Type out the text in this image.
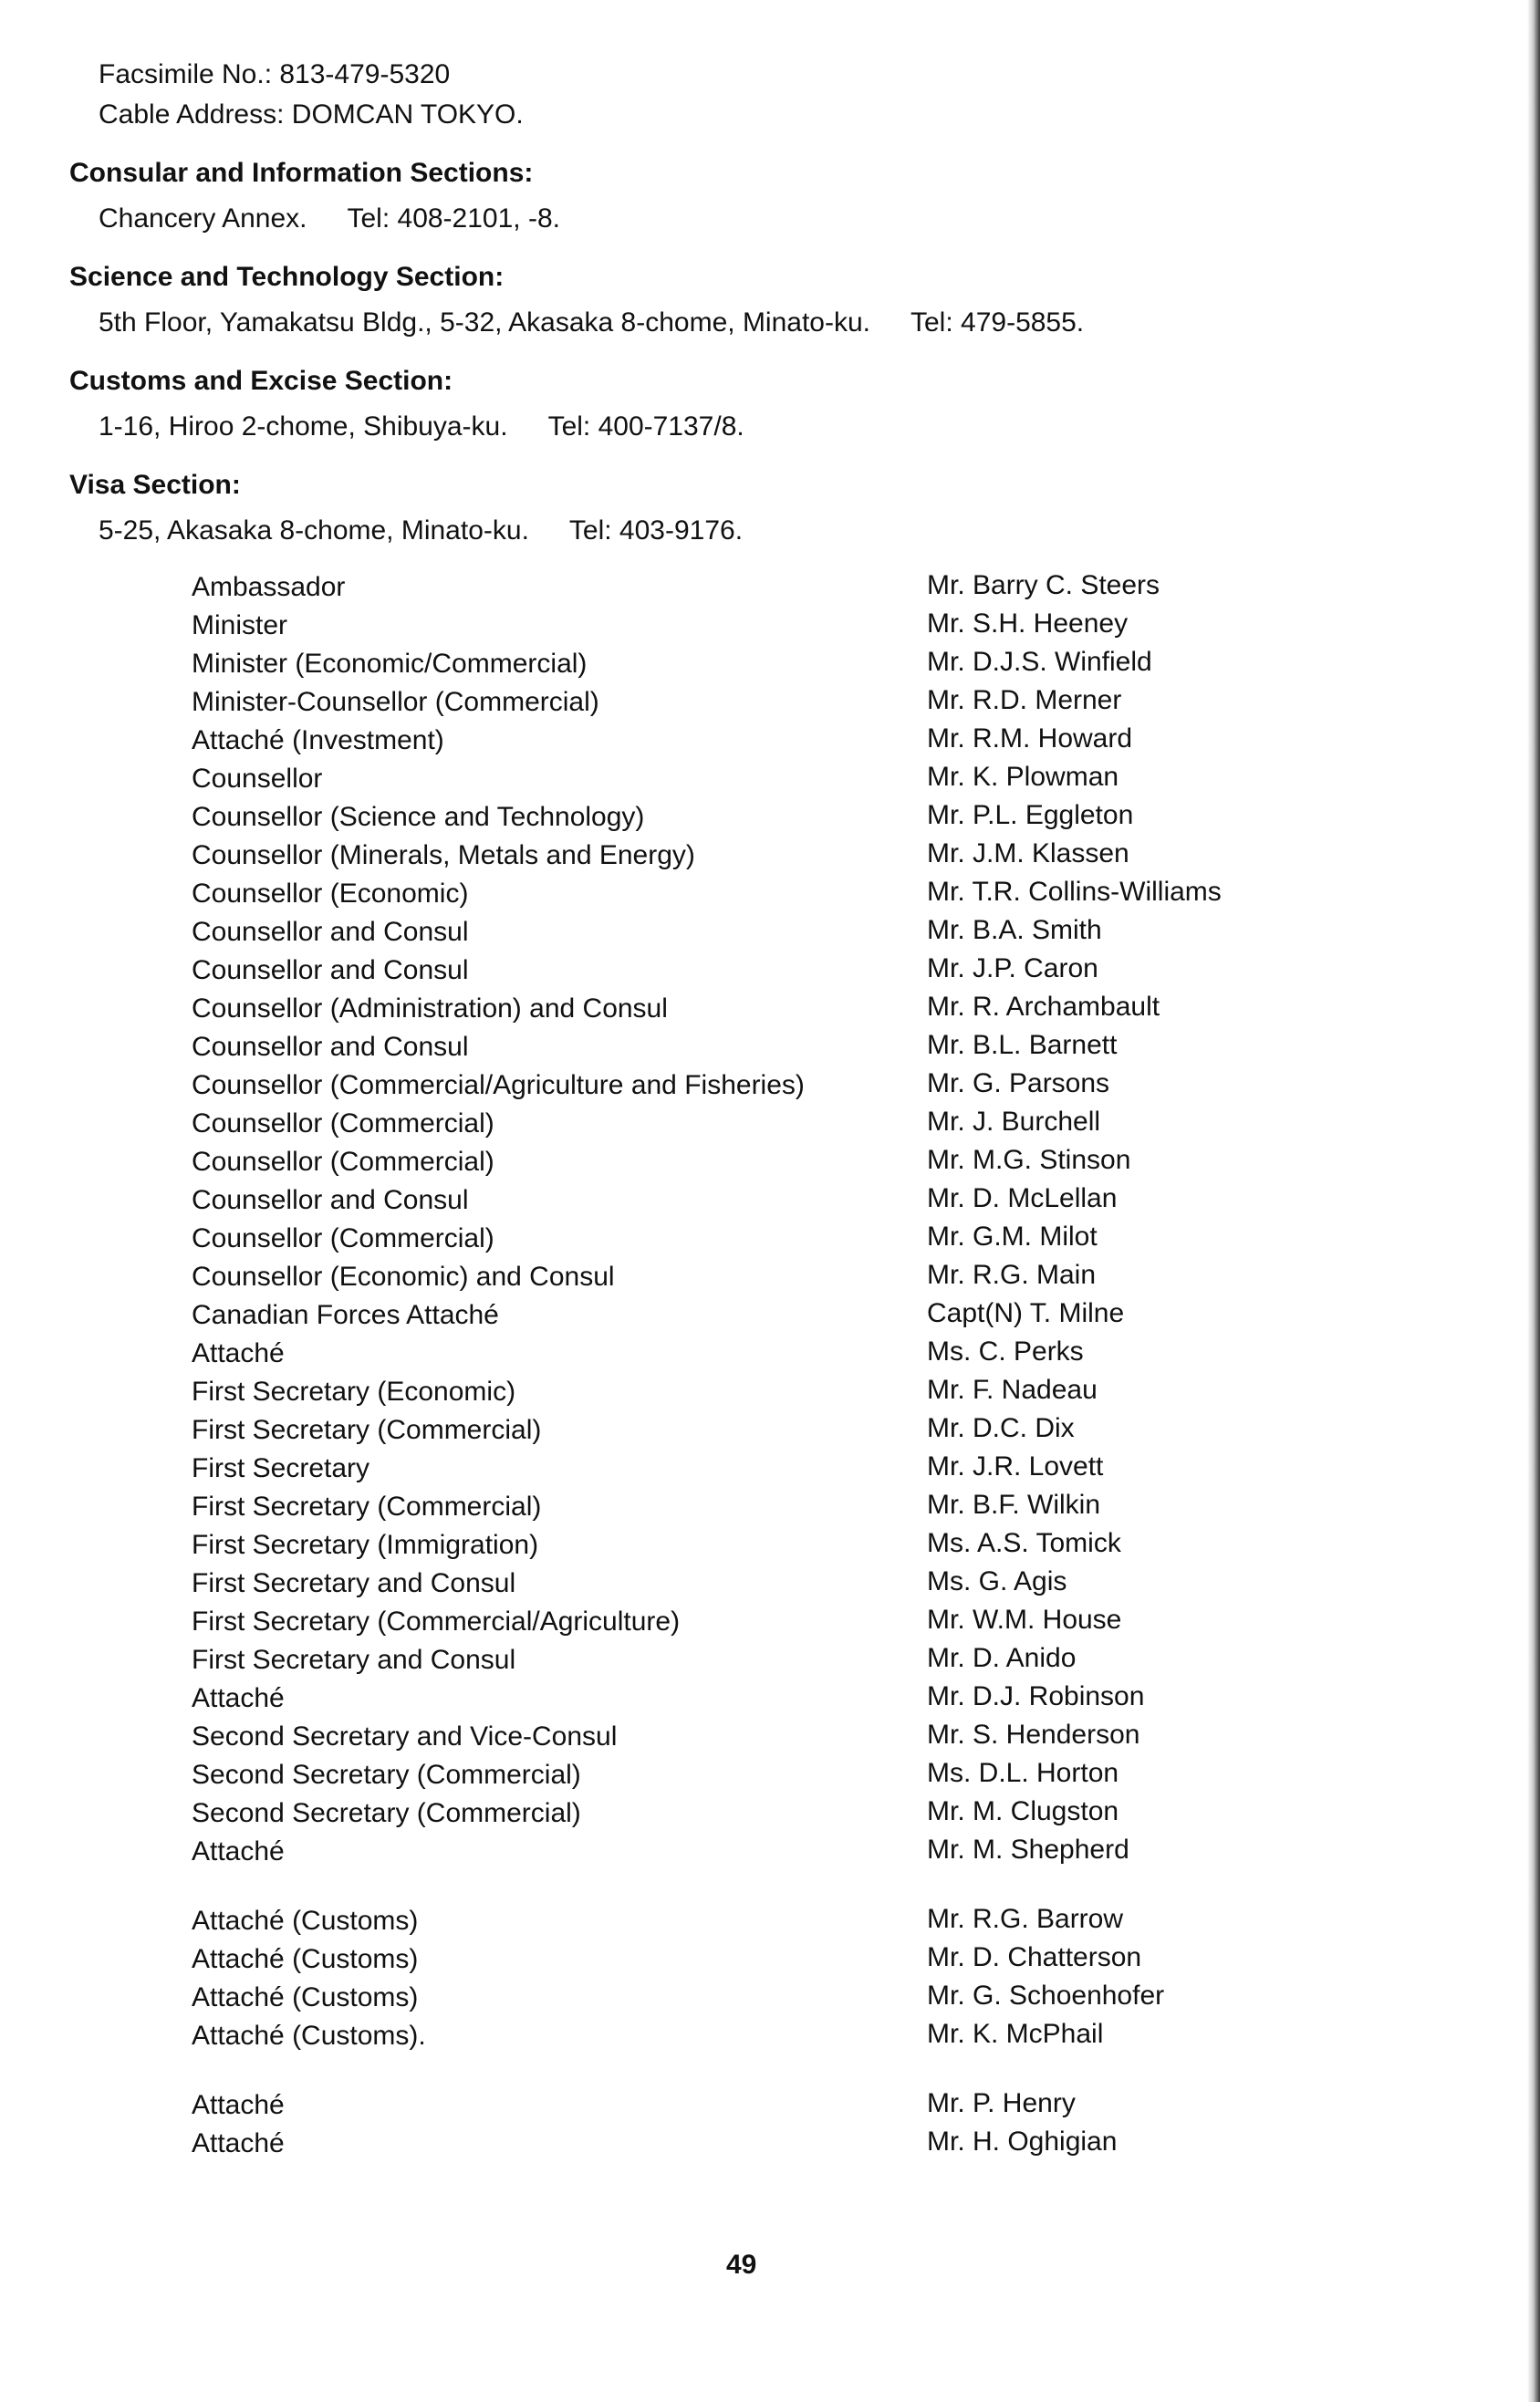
Facsimile No.: 813-479-5320
Cable Address: DOMCAN TOKYO.
Consular and Information Sections:
Chancery Annex. Tel: 408-2101, -8.
Science and Technology Section:
5th Floor, Yamakatsu Bldg., 5-32, Akasaka 8-chome, Minato-ku. Tel: 479-5855.
Customs and Excise Section:
1-16, Hiroo 2-chome, Shibuya-ku. Tel: 400-7137/8.
Visa Section:
5-25, Akasaka 8-chome, Minato-ku. Tel: 403-9176.
Ambassador	Mr. Barry C. Steers
Minister	Mr. S.H. Heeney
Minister (Economic/Commercial)	Mr. D.J.S. Winfield
Minister-Counsellor (Commercial)	Mr. R.D. Merner
Attaché (Investment)	Mr. R.M. Howard
Counsellor	Mr. K. Plowman
Counsellor (Science and Technology)	Mr. P.L. Eggleton
Counsellor (Minerals, Metals and Energy)	Mr. J.M. Klassen
Counsellor (Economic)	Mr. T.R. Collins-Williams
Counsellor and Consul	Mr. B.A. Smith
Counsellor and Consul	Mr. J.P. Caron
Counsellor (Administration) and Consul	Mr. R. Archambault
Counsellor and Consul	Mr. B.L. Barnett
Counsellor (Commercial/Agriculture and Fisheries)	Mr. G. Parsons
Counsellor (Commercial)	Mr. J. Burchell
Counsellor (Commercial)	Mr. M.G. Stinson
Counsellor and Consul	Mr. D. McLellan
Counsellor (Commercial)	Mr. G.M. Milot
Counsellor (Economic) and Consul	Mr. R.G. Main
Canadian Forces Attaché	Capt(N) T. Milne
Attaché	Ms. C. Perks
First Secretary (Economic)	Mr. F. Nadeau
First Secretary (Commercial)	Mr. D.C. Dix
First Secretary	Mr. J.R. Lovett
First Secretary (Commercial)	Mr. B.F. Wilkin
First Secretary (Immigration)	Ms. A.S. Tomick
First Secretary and Consul	Ms. G. Agis
First Secretary (Commercial/Agriculture)	Mr. W.M. House
First Secretary and Consul	Mr. D. Anido
Attaché	Mr. D.J. Robinson
Second Secretary and Vice-Consul	Mr. S. Henderson
Second Secretary (Commercial)	Ms. D.L. Horton
Second Secretary (Commercial)	Mr. M. Clugston
Attaché	Mr. M. Shepherd
Attaché (Customs)	Mr. R.G. Barrow
Attaché (Customs)	Mr. D. Chatterson
Attaché (Customs)	Mr. G. Schoenhofer
Attaché (Customs).	Mr. K. McPhail
Attaché	Mr. P. Henry
Attaché	Mr. H. Oghigian
49
